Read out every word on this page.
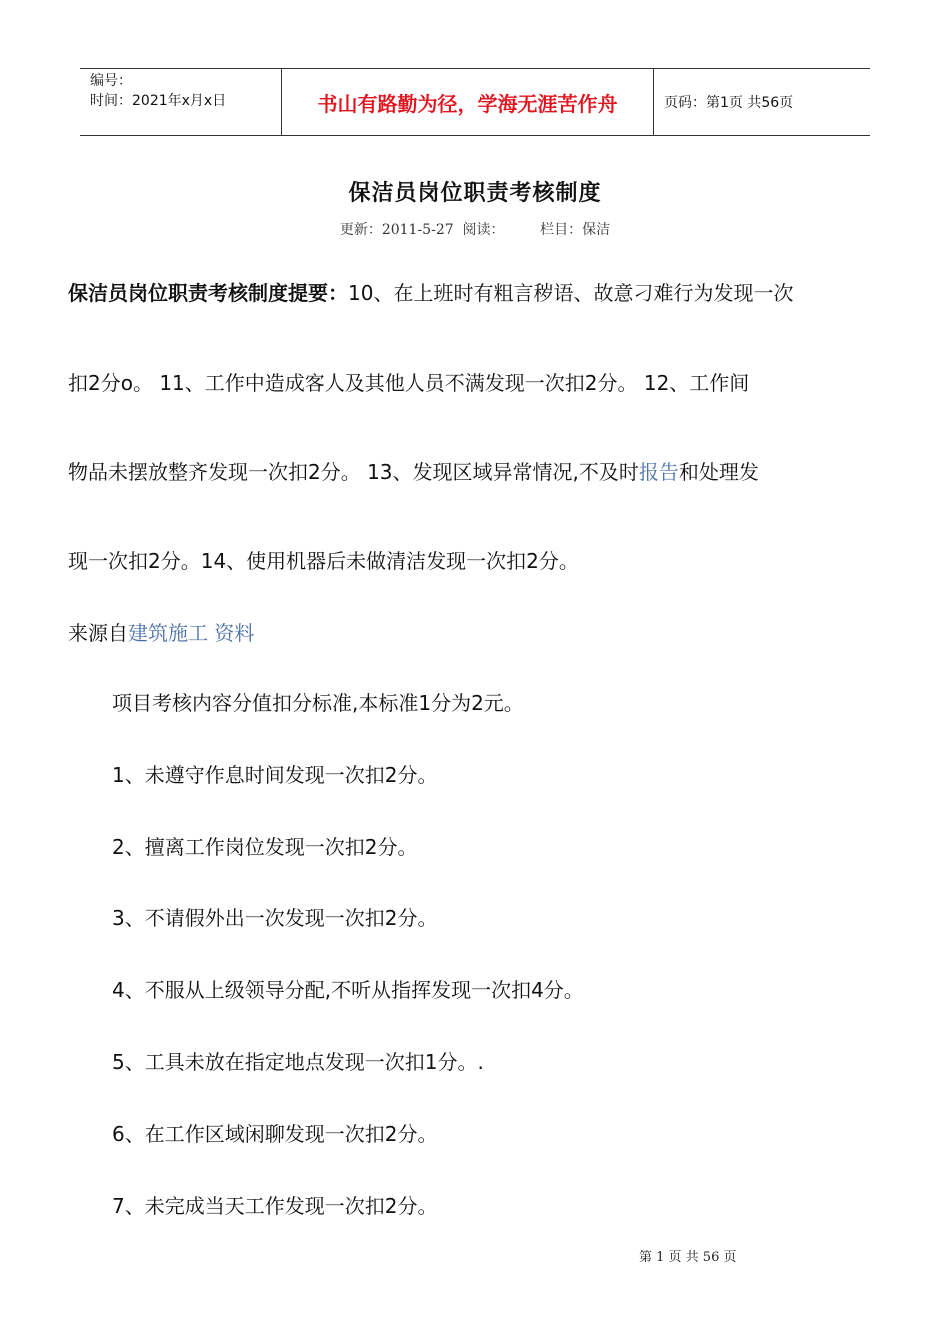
编号：
时间：2021年x月x日	书山有路勤为径，学海无涯苦作舟	页码：第1页 共56页
保洁员岗位职责考核制度
更新：2011-5-27  阅读：        栏目：保洁
保洁员岗位职责考核制度提要：10、在上班时有粗言秽语、故意刁难行为发现一次
扣2分o。 11、工作中造成客人及其他人员不满发现一次扣2分。 12、工作间
物品未摆放整齐发现一次扣2分。 13、发现区域异常情况,不及时报告和处理发
现一次扣2分。14、使用机器后未做清洁发现一次扣2分。
来源自建筑施工 资料
项目考核内容分值扣分标准,本标准1分为2元。
1、未遵守作息时间发现一次扣2分。
2、擅离工作岗位发现一次扣2分。
3、不请假外出一次发现一次扣2分。
4、不服从上级领导分配,不听从指挥发现一次扣4分。
5、工具未放在指定地点发现一次扣1分。.
6、在工作区域闲聊发现一次扣2分。
7、未完成当天工作发现一次扣2分。
第 1 页 共 56 页
